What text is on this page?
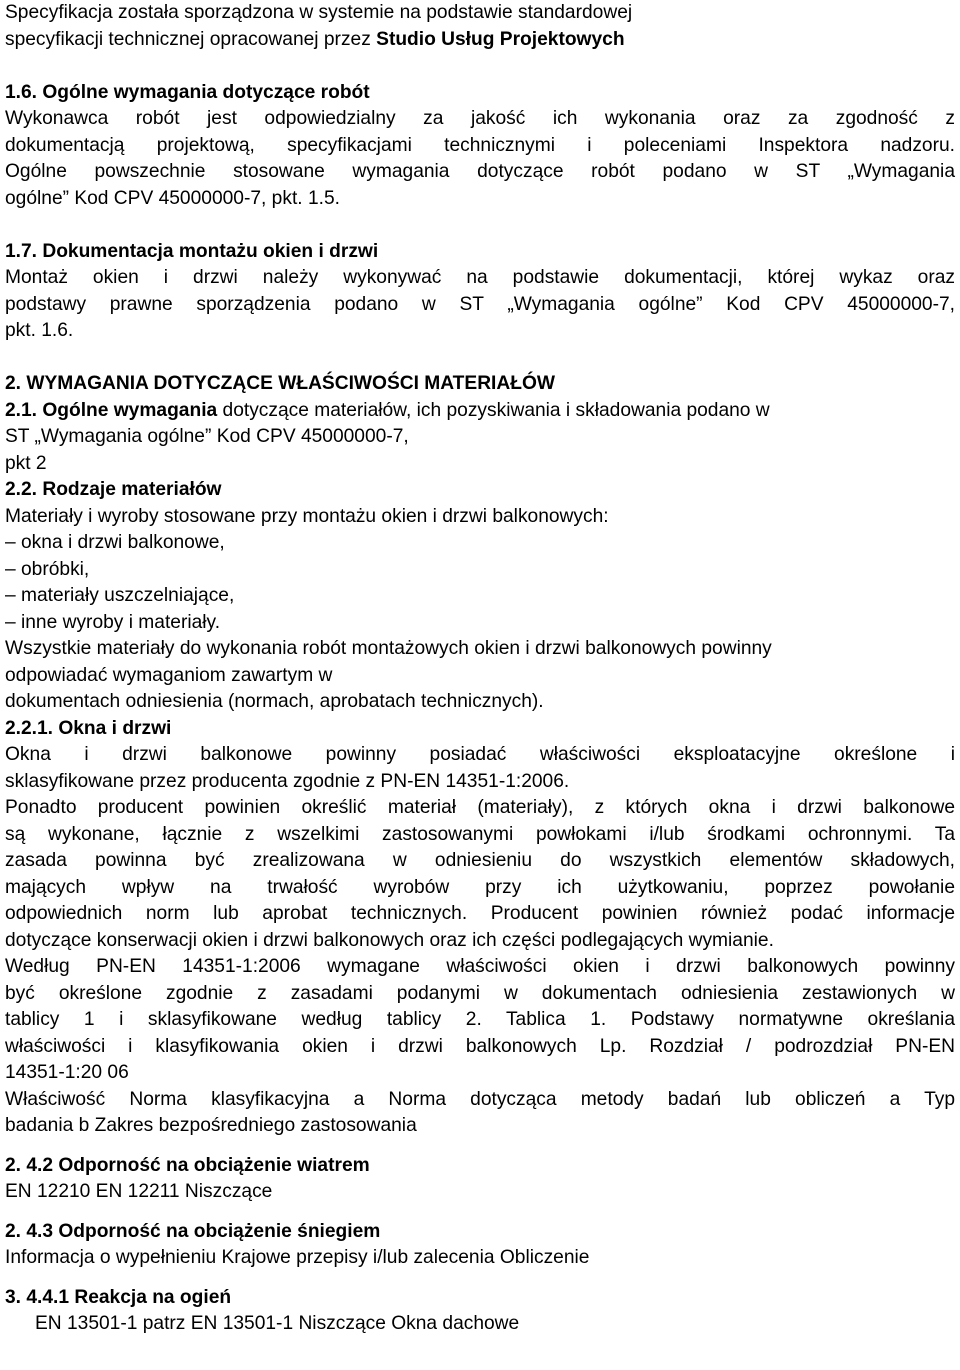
Specyfikacja została sporządzona w systemie na podstawie standardowej
specyfikacji technicznej opracowanej przez Studio Usług Projektowych
1.6. Ogólne wymagania dotyczące robót
Wykonawca robót jest odpowiedzialny za jakość ich wykonania oraz za zgodność z
dokumentacją projektową, specyfikacjami technicznymi i poleceniami Inspektora nadzoru.
Ogólne powszechnie stosowane wymagania dotyczące robót podano w ST „Wymagania
ogólne” Kod CPV 45000000-7, pkt. 1.5.
1.7. Dokumentacja montażu okien i drzwi
Montaż okien i drzwi należy wykonywać na podstawie dokumentacji, której wykaz oraz
podstawy prawne sporządzenia podano w ST „Wymagania ogólne” Kod CPV 45000000-7,
pkt. 1.6.
2. WYMAGANIA DOTYCZĄCE WŁAŚCIWOŚCI MATERIAŁÓW
2.1. Ogólne wymagania dotyczące materiałów, ich pozyskiwania i składowania podano w
ST „Wymagania ogólne” Kod CPV 45000000-7,
pkt 2
2.2. Rodzaje materiałów
Materiały i wyroby stosowane przy montażu okien i drzwi balkonowych:
– okna i drzwi balkonowe,
– obróbki,
– materiały uszczelniające,
– inne wyroby i materiały.
Wszystkie materiały do wykonania robót montażowych okien i drzwi balkonowych powinny
odpowiadać wymaganiom zawartym w
dokumentach odniesienia (normach, aprobatach technicznych).
2.2.1. Okna i drzwi
Okna i drzwi balkonowe powinny posiadać właściwości eksploatacyjne określone i
sklasyfikowane przez producenta zgodnie z PN-EN 14351-1:2006.
Ponadto producent powinien określić materiał (materiały), z których okna i drzwi balkonowe
są wykonane, łącznie z wszelkimi zastosowanymi powłokami i/lub środkami ochronnymi. Ta
zasada powinna być zrealizowana w odniesieniu do wszystkich elementów składowych,
mających wpływ na trwałość wyrobów przy ich użytkowaniu, poprzez powołanie
odpowiednich norm lub aprobat technicznych. Producent powinien również podać informacje
dotyczące konserwacji okien i drzwi balkonowych oraz ich części podlegających wymianie.
Według PN-EN 14351-1:2006 wymagane właściwości okien i drzwi balkonowych powinny
być określone zgodnie z zasadami podanymi w dokumentach odniesienia zestawionych w
tablicy 1 i sklasyfikowane według tablicy 2. Tablica 1. Podstawy normatywne określania
właściwości i klasyfikowania okien i drzwi balkonowych Lp. Rozdział / podrozdział PN-EN
14351-1:20 06
Właściwość Norma klasyfikacyjna a Norma dotycząca metody badań lub obliczeń a Typ
badania b Zakres bezpośredniego zastosowania
2. 4.2 Odporność na obciążenie wiatrem
EN 12210 EN 12211 Niszczące
2. 4.3 Odporność na obciążenie śniegiem
Informacja o wypełnieniu Krajowe przepisy i/lub zalecenia Obliczenie
3. 4.4.1 Reakcja na ogień
EN 13501-1 patrz EN 13501-1 Niszczące Okna dachowe
